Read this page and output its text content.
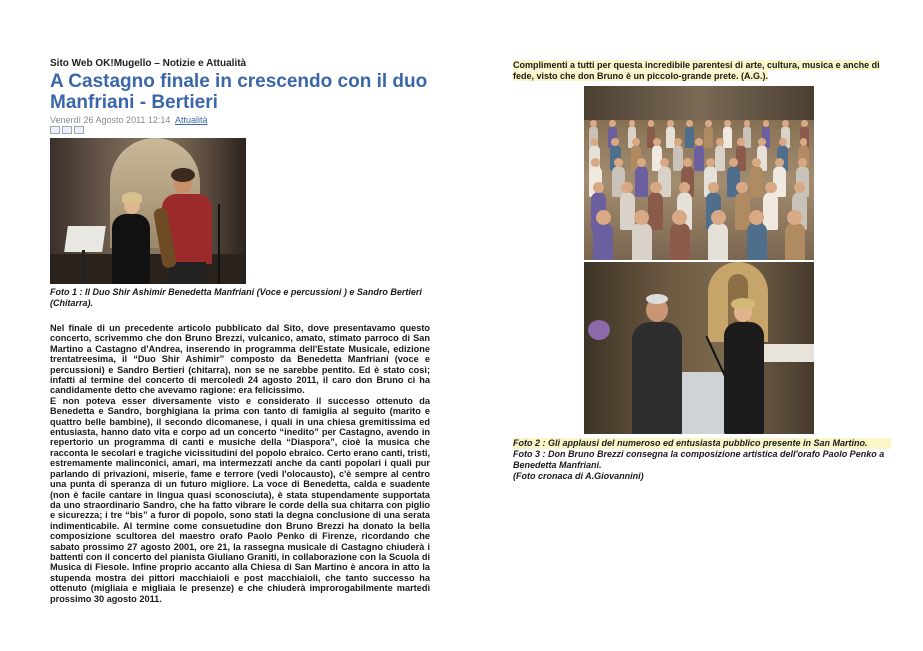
Sito Web OK!Mugello – Notizie e Attualità
A Castagno finale in crescendo con il duo Manfriani - Bertieri
Venerdì 26 Agosto 2011 12:14 Attualità

Foto 1 : Il Duo Shir Ashimir Benedetta Manfriani (Voce e percussioni ) e Sandro Bertieri (Chitarra).

Nel finale di un precedente articolo pubblicato dal Sito, dove presentavamo questo concerto, scrivemmo che don Bruno Brezzi, vulcanico, amato, stimato parroco di San Martino a Castagno d'Andrea, inserendo in programma dell'Estate Musicale, edizione trentatreesima, il “Duo Shir Ashimir” composto da Benedetta Manfriani (voce e percussioni) e Sandro Bertieri (chitarra), non se ne sarebbe pentito. Ed è stato così; infatti al termine del concerto di mercoledì 24 agosto 2011, il caro don Bruno ci ha candidamente detto che avevamo ragione: era felicissimo.

E non poteva esser diversamente visto e considerato il successo ottenuto da Benedetta e Sandro, borghigiana la prima con tanto di famiglia al seguito (marito e quattro belle bambine), il secondo dicomanese, i quali in una chiesa gremitissima ed entusiasta, hanno dato vita e corpo ad un concerto “inedito” per Castagno, avendo in repertorio un programma di canti e musiche della “Diaspora”, cioè la musica che racconta le secolari e tragiche vicissitudini del popolo ebraico. Certo erano canti, tristi, estremamente malinconici, amari, ma intermezzati anche da canti popolari i quali pur parlando di privazioni, miserie, fame e terrore (vedi l'olocausto), c'è sempre al centro una punta di speranza di un futuro migliore. La voce di Benedetta, calda e suadente (non è facile cantare in lingua quasi sconosciuta), è stata stupendamente supportata da uno straordinario Sandro, che ha fatto vibrare le corde della sua chitarra con piglio e sicurezza; i tre “bis” a furor di popolo, sono stati la degna conclusione di una serata indimenticabile. Al termine come consuetudine don Bruno Brezzi ha donato la bella composizione scultorea del maestro orafo Paolo Penko di Firenze, ricordando che sabato prossimo 27 agosto 2001, ore 21, la rassegna musicale di Castagno chiuderà i battenti con il concerto del pianista Giuliano Graniti, in collaborazione con la Scuola di Musica di Fiesole. Infine proprio accanto alla Chiesa di San Martino è ancora in atto la stupenda mostra dei pittori macchiaioli e post macchiaioli, che tanto successo ha ottenuto (migliaia e migliaia le presenze) e che chiuderà improrogabilmente martedì prossimo 30 agosto 2011.

Complimenti a tutti per questa incredibile parentesi di arte, cultura, musica e anche di fede, visto che don Bruno è un piccolo-grande prete. (A.G.).

Foto 2 : Gli applausi del numeroso ed entusiasta pubblico presente in San Martino.

Foto 3 : Don Bruno Brezzi consegna la composizione artistica dell'orafo Paolo Penko a Benedetta Manfriani.

(Foto cronaca di A.Giovannini)
